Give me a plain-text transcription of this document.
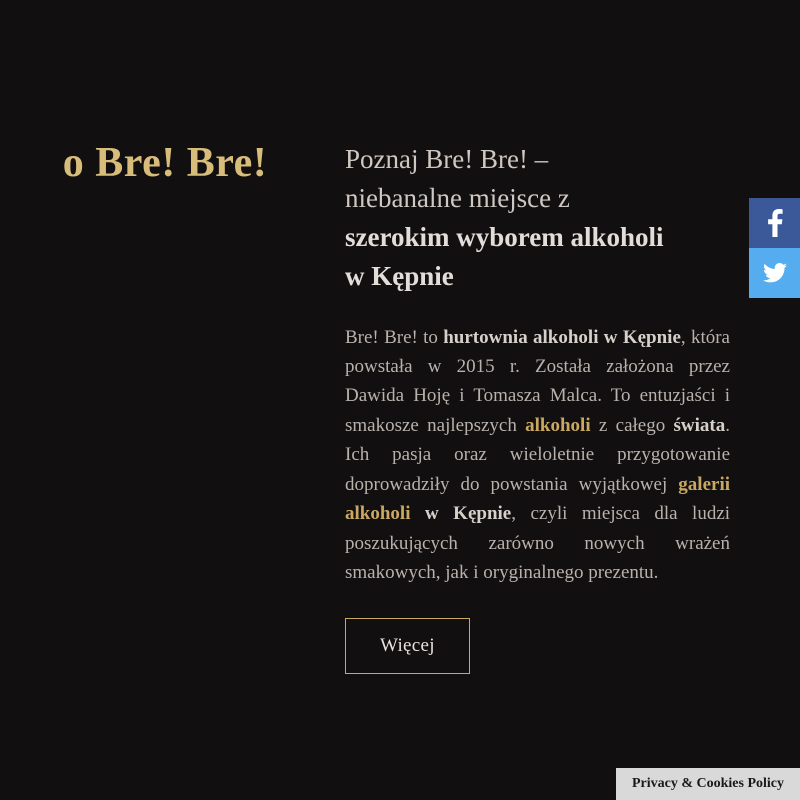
o Bre! Bre!	Poznaj Bre! Bre! –
niebanalne miejsce z
szerokim wyborem alkoholi
w Kępnie

Bre! Bre! to hurtownia alkoholi w Kępnie, która powstała w 2015 r. Została założona przez Dawida Hoję i Tomasza Malca. To entuzjaści i smakosze najlepszych alkoholi z całego świata. Ich pasja oraz wieloletnie przygotowanie doprowadziły do powstania wyjątkowej galerii alkoholi w Kępnie, czyli miejsca dla ludzi poszukujących zarówno nowych wrażeń smakowych, jak i oryginalnego prezentu.

Więcej
Privacy & Cookies Policy
